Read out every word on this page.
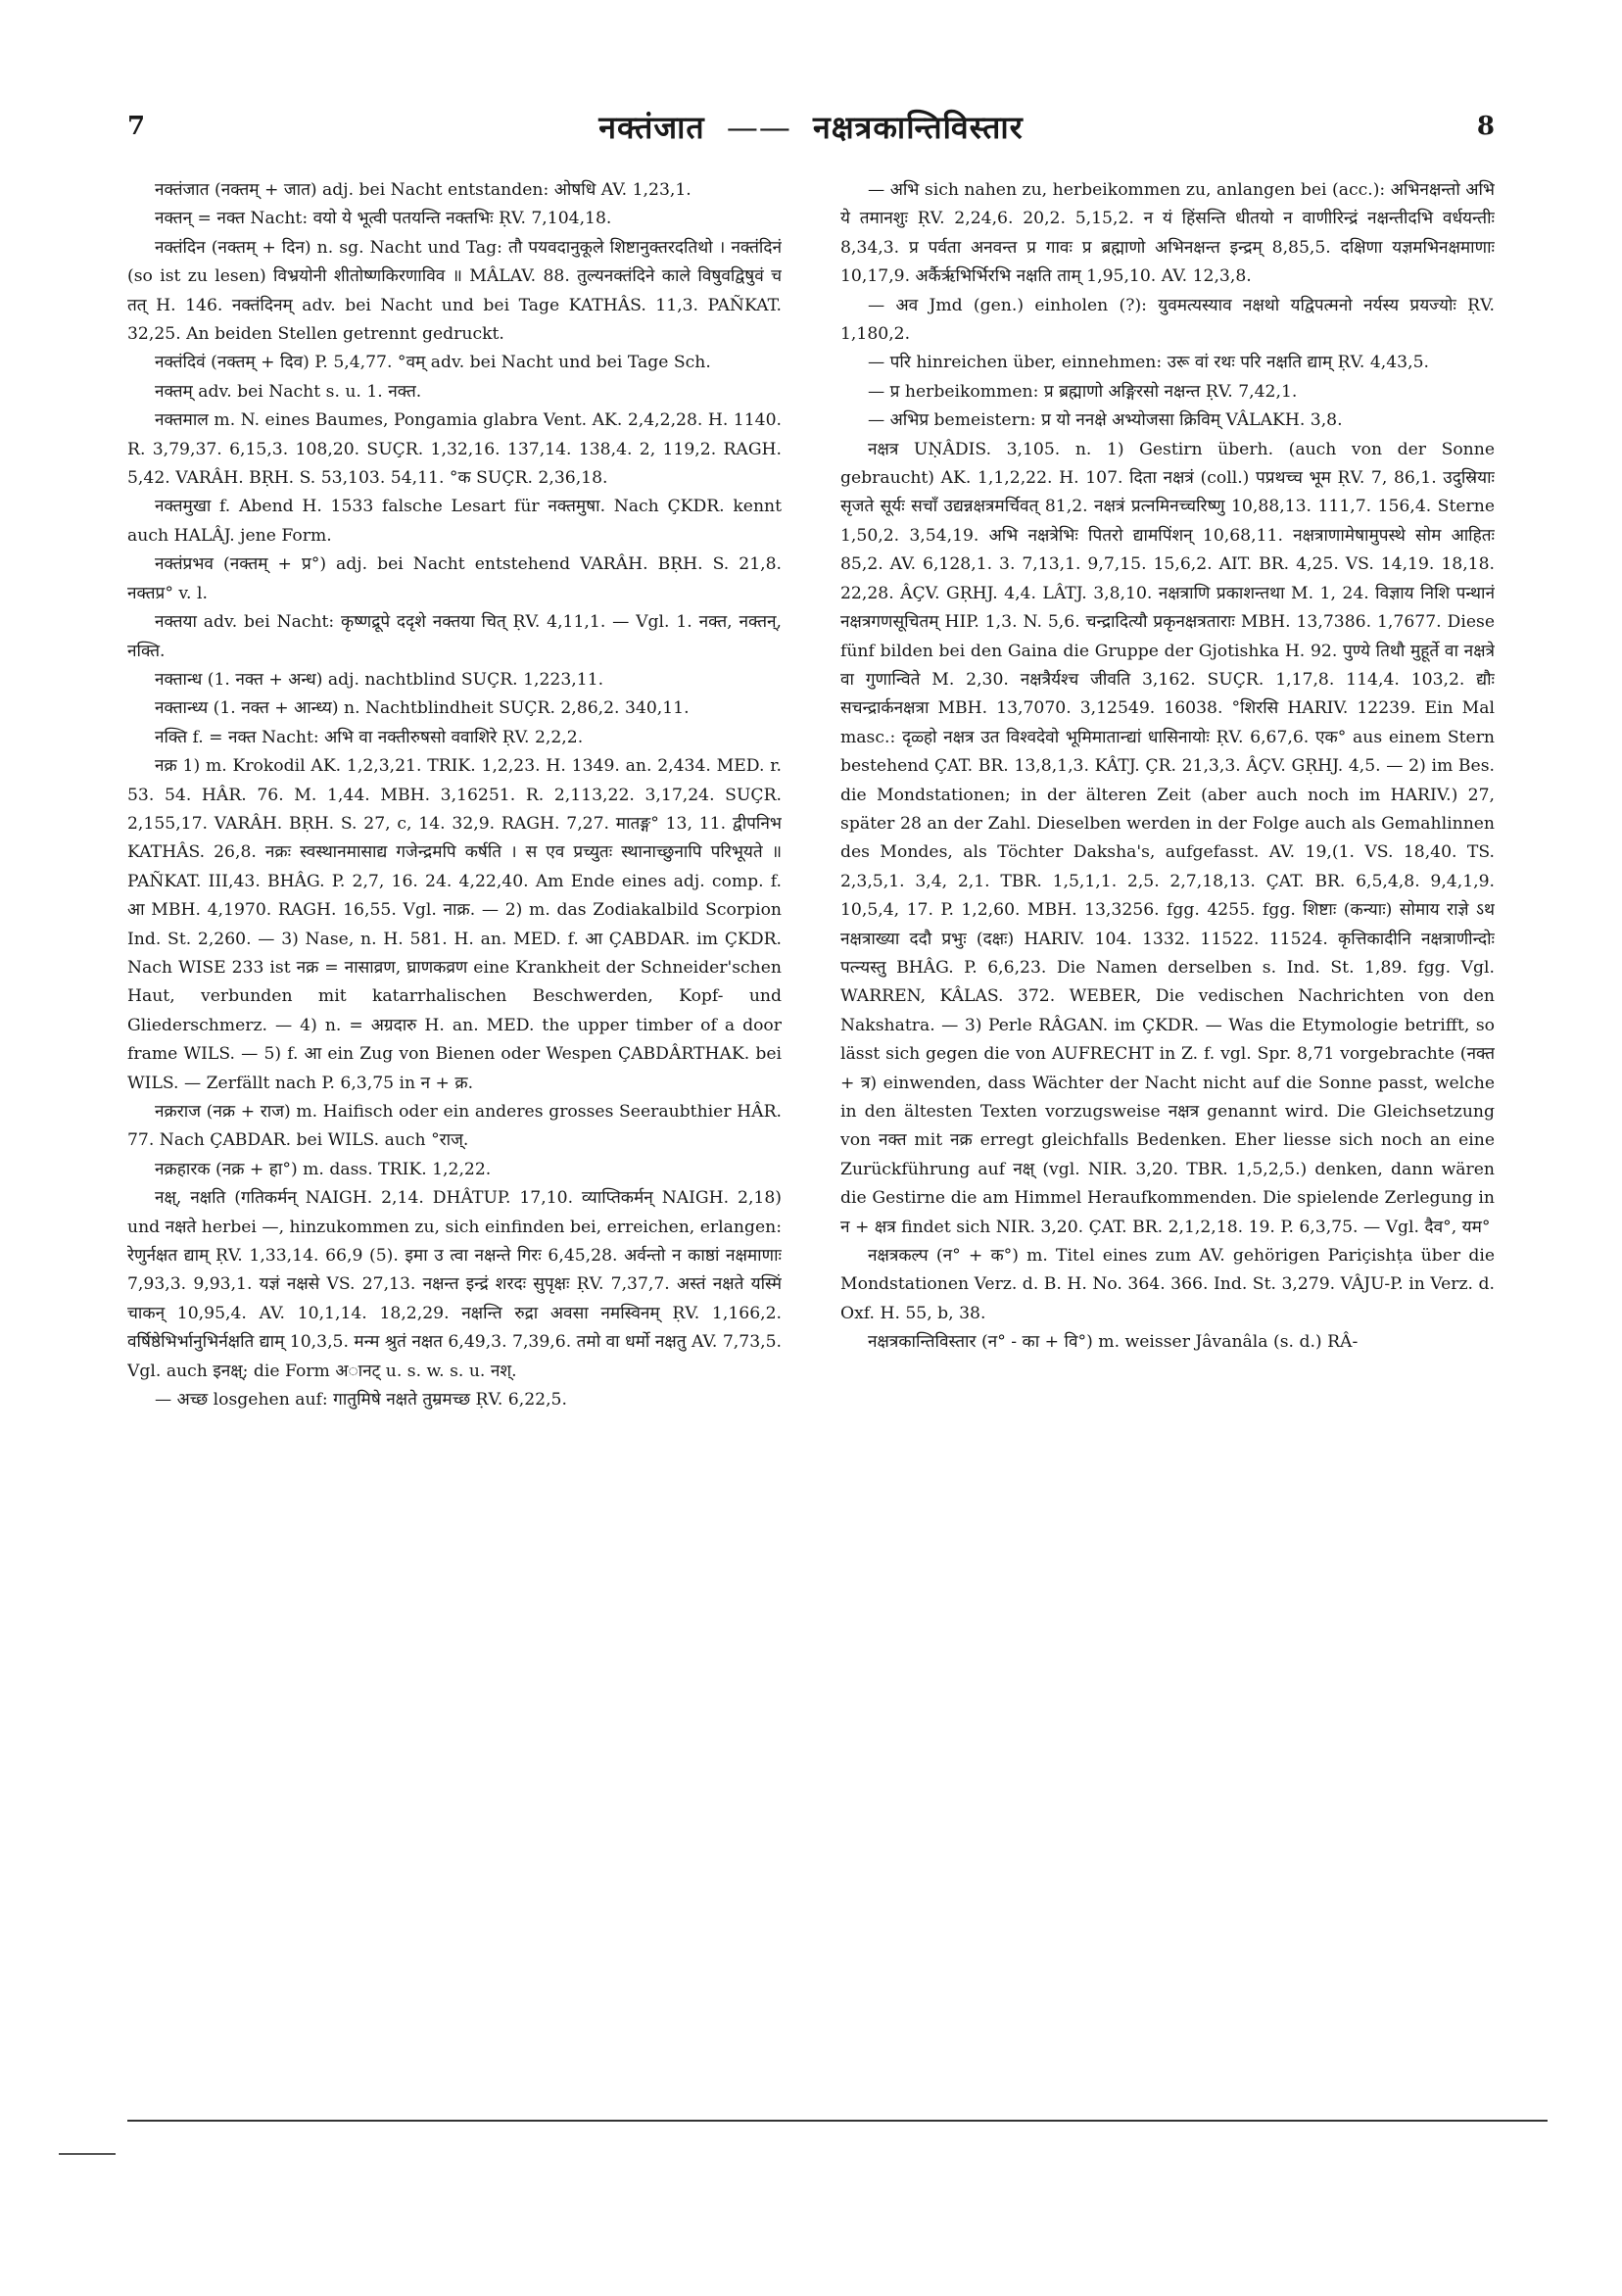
7	नक्तंजात —— नक्षत्रकान्तिविस्तार	8

नक्तंजात (नक्तम् + जात) adj. bei Nacht entstanden: ओषधि AV. 1,23,1.

नक्तन् = नक्त Nacht: वयो ये भूत्वी पतयन्ति नक्तभिः ṚV. 7,104,18.

नक्तंदिन (नक्तम् + दिन) n. sg. Nacht und Tag: तौ पयवदानुकूले शिष्टानुक्तरदतिथो । नक्तंदिनं (so ist zu lesen) विभ्रयोनी शीतोष्णकिरणाविव ॥ MÂLAV. 88. तुल्यनक्तंदिने काले विषुवद्विषुवं च तत् H. 146. नक्तंदिनम् adv. bei Nacht und bei Tage KATHÂS. 11,3. PAÑKAT. 32,25. An beiden Stellen getrennt gedruckt.

नक्तंदिवं (नक्तम् + दिव) P. 5,4,77. °वम् adv. bei Nacht und bei Tage Sch.

नक्तम् adv. bei Nacht s. u. 1. नक्त.

नक्तमाल m. N. eines Baumes, Pongamia glabra Vent. AK. 2,4,2,28. H. 1140. R. 3,79,37. 6,15,3. 108,20. SUÇR. 1,32,16. 137,14. 138,4. 2, 119,2. RAGH. 5,42. VARÂH. BṚH. S. 53,103. 54,11. °क SUÇR. 2,36,18.

नक्तमुखा f. Abend H. 1533 falsche Lesart für नक्तमुषा. Nach ÇKDR. kennt auch HALÂJ. jene Form.

नक्तंप्रभव (नक्तम् + प्र°) adj. bei Nacht entstehend VARÂH. BṚH. S. 21,8. नक्तप्र° v. l.

नक्तया adv. bei Nacht: कृष्णद्रूपे ददृशे नक्तया चित् ṚV. 4,11,1. — Vgl. 1. नक्त, नक्तन्, नक्ति.

नक्तान्ध (1. नक्त + अन्ध) adj. nachtblind SUÇR. 1,223,11.

नक्तान्ध्य (1. नक्त + आन्ध्य) n. Nachtblindheit SUÇR. 2,86,2. 340,11.

नक्ति f. = नक्त Nacht: अभि वा नक्तीरुषसो ववाशिरे ṚV. 2,2,2.

नक्र 1) m. Krokodil AK. 1,2,3,21. TRIK. 1,2,23. H. 1349. an. 2,434. MED. r. 53. 54. HÂR. 76. M. 1,44. MBH. 3,16251. R. 2,113,22. 3,17,24. SUÇR. 2,155,17. VARÂH. BṚH. S. 27, c, 14. 32,9. RAGH. 7,27. मातङ्ग° 13, 11. द्वीपनिभ KATHÂS. 26,8. नक्रः स्वस्थानमासाद्य गजेन्द्रमपि कर्षति । स एव प्रच्युतः स्थानाच्छुनापि परिभूयते ॥ PAÑKAT. III,43. BHÂG. P. 2,7, 16. 24. 4,22,40. Am Ende eines adj. comp. f. आ MBH. 4,1970. RAGH. 16,55. Vgl. नाक्र. — 2) m. das Zodiakalbild Scorpion Ind. St. 2,260. — 3) Nase, n. H. 581. H. an. MED. f. आ ÇABDAR. im ÇKDR. Nach WISE 233 ist नक्र = नासाव्रण, घ्राणकव्रण eine Krankheit der Schneider'schen Haut, verbunden mit katarrhalischen Beschwerden, Kopf- und Gliederschmerz. — 4) n. = अग्रदारु H. an. MED. the upper timber of a door frame WILS. — 5) f. आ ein Zug von Bienen oder Wespen ÇABDÂRTHAK. bei WILS. — Zerfällt nach P. 6,3,75 in न + क्र.

नक्रराज (नक्र + राज) m. Haifisch oder ein anderes grosses Seeraubthier HÂR. 77. Nach ÇABDAR. bei WILS. auch °राज्.

नक्रहारक (नक्र + हा°) m. dass. TRIK. 1,2,22.

नक्ष्, नक्षति (गतिकर्मन् NAIGH. 2,14. DHÂTUP. 17,10. व्याप्तिकर्मन् NAIGH. 2,18) und नक्षते herbei —, hinzukommen zu, sich einfinden bei, erreichen, erlangen: रेणुर्नक्षत द्याम् ṚV. 1,33,14. 66,9 (5). इमा उ त्वा नक्षन्ते गिरः 6,45,28. अर्वन्तो न काष्ठां नक्षमाणाः 7,93,3. 9,93,1. यज्ञं नक्षसे VS. 27,13. नक्षन्त इन्द्रं शरदः सुपृक्षः ṚV. 7,37,7. अस्तं नक्षते यस्मिं चाकन् 10,95,4. AV. 10,1,14. 18,2,29. नक्षन्ति रुद्रा अवसा नमस्विनम् ṚV. 1,166,2. वर्षिष्ठेभिर्भानुभिर्नक्षति द्याम् 10,3,5. मन्म श्रुतं नक्षत 6,49,3. 7,39,6. तमो वा धर्मो नक्षतु AV. 7,73,5. Vgl. auch इनक्ष्; die Form अानट् u. s. w. s. u. नश्.

— अच्छ losgehen auf: गातुमिषे नक्षते तुम्रमच्छ ṚV. 6,22,5.

— अभि sich nahen zu, herbeikommen zu, anlangen bei (acc.): अभिनक्षन्तो अभि ये तमानशुः ṚV. 2,24,6. 20,2. 5,15,2. न यं हिंसन्ति धीतयो न वाणीरिन्द्रं नक्षन्तीदभि वर्धयन्तीः 8,34,3. प्र पर्वता अनवन्त प्र गावः प्र ब्रह्माणो अभिनक्षन्त इन्द्रम् 8,85,5. दक्षिणा यज्ञमभिनक्षमाणाः 10,17,9. अर्कैर्ऋभिर्भिरभि नक्षति ताम् 1,95,10. AV. 12,3,8.

— अव Jmd (gen.) einholen (?): युवमत्यस्याव नक्षथो यद्विपत्मनो नर्यस्य प्रयज्योः ṚV. 1,180,2.

— परि hinreichen über, einnehmen: उरू वां रथः परि नक्षति द्याम् ṚV. 4,43,5.

— प्र herbeikommen: प्र ब्रह्माणो अङ्गिरसो नक्षन्त ṚV. 7,42,1.

— अभिप्र bemeistern: प्र यो ननक्षे अभ्योजसा क्रिविम् VÂLAKH. 3,8.

नक्षत्र UṆÂDIS. 3,105. n. 1) Gestirn überh. (auch von der Sonne gebraucht) AK. 1,1,2,22. H. 107. दिता नक्षत्रं (coll.) पप्रथच्च भूम ṚV. 7, 86,1. उदुस्रियाः सृजते सूर्यः सचाँ उद्यन्नक्षत्रमर्चिवत् 81,2. नक्षत्रं प्रत्नमिनच्चरिष्णु 10,88,13. 111,7. 156,4. Sterne 1,50,2. 3,54,19. अभि नक्षत्रेभिः पितरो द्यामपिंशन् 10,68,11. नक्षत्राणामेषामुपस्थे सोम आहितः 85,2. AV. 6,128,1. 3. 7,13,1. 9,7,15. 15,6,2. AIT. BR. 4,25. VS. 14,19. 18,18. 22,28. ÂÇV. GṚHJ. 4,4. LÂTJ. 3,8,10. नक्षत्राणि प्रकाशन्तथा M. 1, 24. विज्ञाय निशि पन्थानं नक्षत्रगणसूचितम् HIP. 1,3. N. 5,6. चन्द्रादित्यौ प्रकृनक्षत्रताराः MBH. 13,7386. 1,7677. Diese fünf bilden bei den Gaina die Gruppe der Gjotishka H. 92. पुण्ये तिथौ मुहूर्ते वा नक्षत्रे वा गुणान्विते M. 2,30. नक्षत्रैर्यश्च जीवति 3,162. SUÇR. 1,17,8. 114,4. 103,2. द्यौः सचन्द्रार्कनक्षत्रा MBH. 13,7070. 3,12549. 16038. °शिरसि HARIV. 12239. Ein Mal masc.: दृळ्हो नक्षत्र उत विश्वदेवो भूमिमातान्द्यां धासिनायोः ṚV. 6,67,6. एक° aus einem Stern bestehend ÇAT. BR. 13,8,1,3. KÂTJ. ÇR. 21,3,3. ÂÇV. GṚHJ. 4,5. — 2) im Bes. die Mondstationen; in der älteren Zeit (aber auch noch im HARIV.) 27, später 28 an der Zahl. Dieselben werden in der Folge auch als Gemahlinnen des Mondes, als Töchter Daksha's, aufgefasst. AV. 19,(1. VS. 18,40. TS. 2,3,5,1. 3,4, 2,1. TBR. 1,5,1,1. 2,5. 2,7,18,13. ÇAT. BR. 6,5,4,8. 9,4,1,9. 10,5,4, 17. P. 1,2,60. MBH. 13,3256. fgg. 4255. fgg. शिष्टाः (कन्याः) सोमाय राज्ञे ऽथ नक्षत्राख्या ददौ प्रभुः (दक्षः) HARIV. 104. 1332. 11522. 11524. कृत्तिकादीनि नक्षत्राणीन्दोः पत्न्यस्तु BHÂG. P. 6,6,23. Die Namen derselben s. Ind. St. 1,89. fgg. Vgl. WARREN, KÂLAS. 372. WEBER, Die vedischen Nachrichten von den Nakshatra. — 3) Perle RÂGAN. im ÇKDR. — Was die Etymologie betrifft, so lässt sich gegen die von AUFRECHT in Z. f. vgl. Spr. 8,71 vorgebrachte (नक्त + त्र) einwenden, dass Wächter der Nacht nicht auf die Sonne passt, welche in den ältesten Texten vorzugsweise नक्षत्र genannt wird. Die Gleichsetzung von नक्त mit नक्र erregt gleichfalls Bedenken. Eher liesse sich noch an eine Zurückführung auf नक्ष् (vgl. NIR. 3,20. TBR. 1,5,2,5.) denken, dann wären die Gestirne die am Himmel Heraufkommenden. Die spielende Zerlegung in न + क्षत्र findet sich NIR. 3,20. ÇAT. BR. 2,1,2,18. 19. P. 6,3,75. — Vgl. दैव°, यम°

नक्षत्रकल्प (न° + क°) m. Titel eines zum AV. gehörigen Pariçishṭa über die Mondstationen Verz. d. B. H. No. 364. 366. Ind. St. 3,279. VÂJU-P. in Verz. d. Oxf. H. 55, b, 38.

नक्षत्रकान्तिविस्तार (न° - का + वि°) m. weisser Jâvanâla (s. d.) RÂ-
